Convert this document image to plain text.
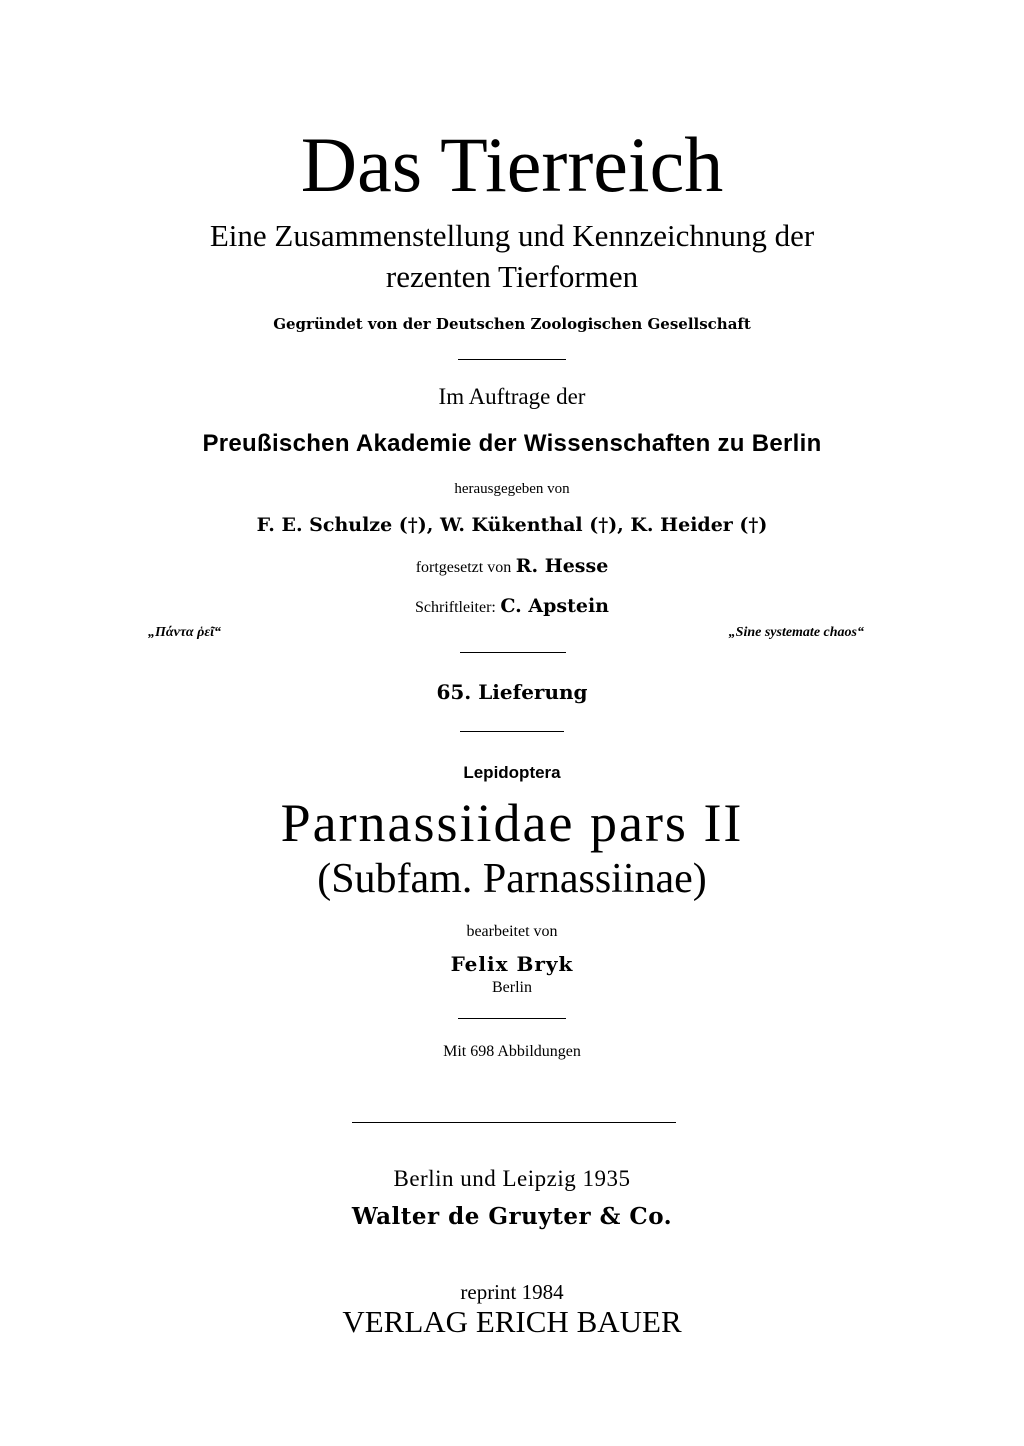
Das Tierreich
Eine Zusammenstellung und Kennzeichnung der
rezenten Tierformen
Gegründet von der Deutschen Zoologischen Gesellschaft
Im Auftrage der
Preußischen Akademie der Wissenschaften zu Berlin
herausgegeben von
F. E. Schulze (†), W. Kükenthal (†), K. Heider (†)
fortgesetzt von R. Hesse
Schriftleiter: C. Apstein
„Πάντα ῥεῖ“	„Sine systemate chaos“
65. Lieferung
Lepidoptera
Parnassiidae pars II
(Subfam. Parnassiinae)
bearbeitet von
Felix Bryk
Berlin
Mit 698 Abbildungen
Berlin und Leipzig 1935
Walter de Gruyter & Co.
reprint 1984
VERLAG ERICH BAUER
